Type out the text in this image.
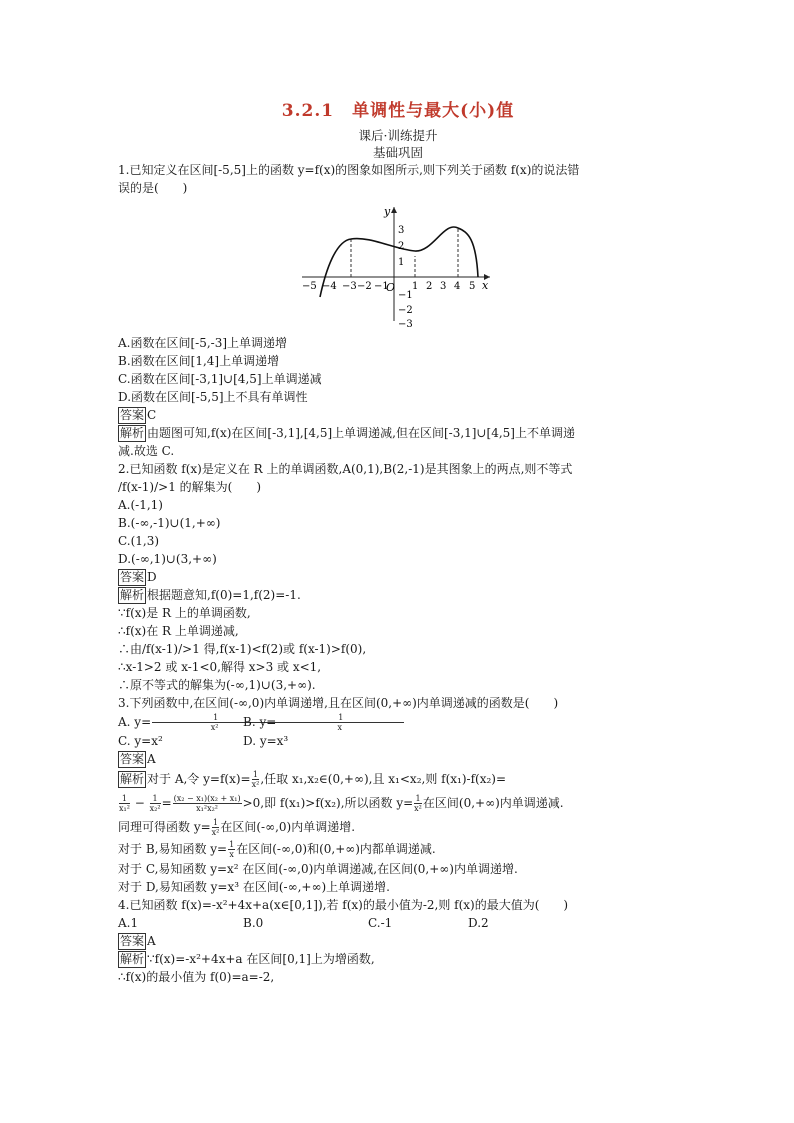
3.2.1　单调性与最大(小)值
课后·训练提升
基础巩固
1.已知定义在区间[-5,5]上的函数 y=f(x)的图象如图所示,则下列关于函数 f(x)的说法错
误的是(　　)
−5 −4 −3 −2 −1
O 1 2 3 4 5 x
3
2
1
−1
−2
−3
y
A.函数在区间[-5,-3]上单调递增
B.函数在区间[1,4]上单调递增
C.函数在区间[-3,1]∪[4,5]上单调递减
D.函数在区间[-5,5]上不具有单调性
答案 C
解析 由题图可知,f(x)在区间[-3,1],[4,5]上单调递减,但在区间[-3,1]∪[4,5]上不单调递
减.故选 C.
2.已知函数 f(x)是定义在 R 上的单调函数,A(0,1),B(2,-1)是其图象上的两点,则不等式
/f(x-1)/>1 的解集为(　　)
A.(-1,1)
B.(-∞,-1)∪(1,+∞)
C.(1,3)
D.(-∞,1)∪(3,+∞)
答案 D
解析 根据题意知,f(0)=1,f(2)=-1.
∵f(x)是 R 上的单调函数,
∴f(x)在 R 上单调递减,
∴由/f(x-1)/>1 得,f(x-1)<f(2)或 f(x-1)>f(0),
∴x-1>2 或 x-1<0,解得 x>3 或 x<1,
∴原不等式的解集为(-∞,1)∪(3,+∞).
3.下列函数中,在区间(-∞,0)内单调递增,且在区间(0,+∞)内单调递减的函数是(　　)
A. $y= \frac{1}{\text{x²}}$
B. $y= \frac{1}{x}$
C. y=x²	D. y=x³
答案 A
解析 对于 A,令 $y=f(x)= \frac{1}{\text{x²}}$ ,任取 x₁,x₂∈(0,+∞),且 x₁<x₂,则 f(x₁)-f(x₂)=
$\frac{1}{\text{x₁²}} - \frac{1}{\text{x₂²}} = \frac{\text{(x₂ − x₁)(x₂ + x₁)}}{\text{x₁²x₂²}} >0$,即 f(x₁)>f(x₂),所以函数 $y= \frac{1}{\text{x²}}$ 在区间(0,+∞)内单调递减.
同理可得函数 $y= \frac{1}{\text{x²}}$ 在区间(-∞,0)内单调递增.
对于 B,易知函数 $y= \frac{1}{x}$ 在区间(-∞,0)和(0,+∞)内都单调递减.
对于 C,易知函数 y=x² 在区间(-∞,0)内单调递减,在区间(0,+∞)内单调递增.
对于 D,易知函数 y=x³ 在区间(-∞,+∞)上单调递增.
4.已知函数 f(x)=-x²+4x+a(x∈[0,1]),若 f(x)的最小值为-2,则 f(x)的最大值为(　　)
A.1	B.0	C.-1	D.2
答案 A
解析 ∵f(x)=-x²+4x+a 在区间[0,1]上为增函数,
∴f(x)的最小值为 f(0)=a=-2,
